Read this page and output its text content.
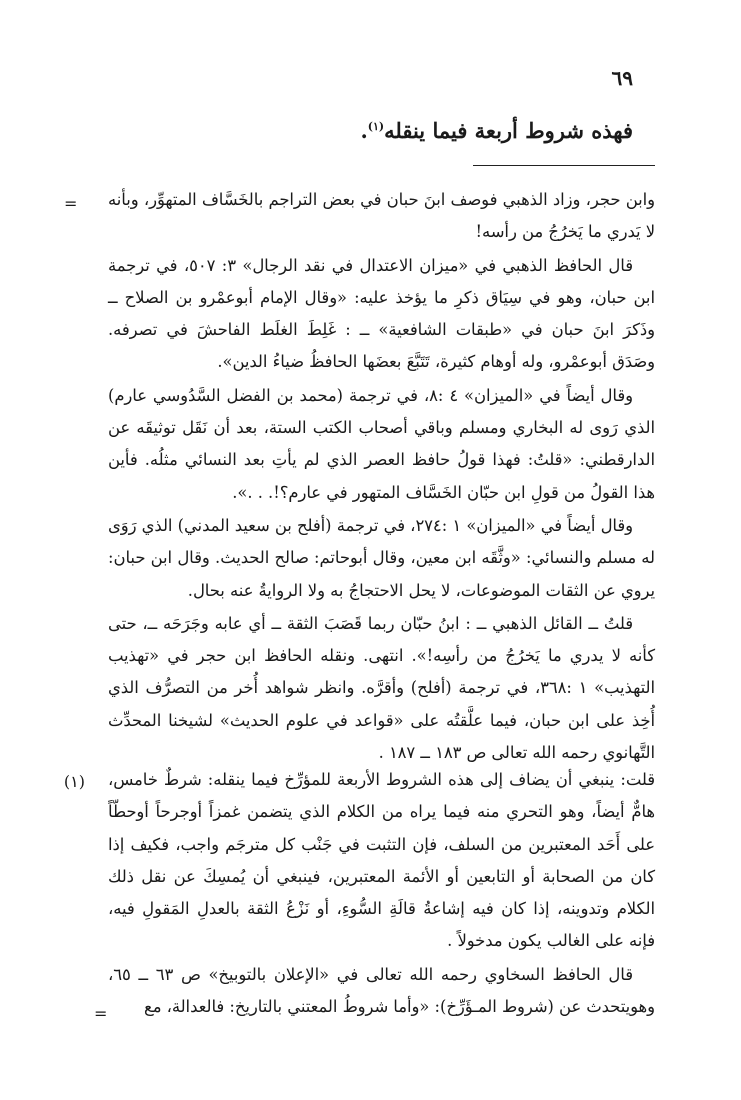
٦٩
فهذه شروط أربعة فيما ينقله$^{(١)}$.
= وابن حجر، وزاد الذهبي فوصف ابنَ حبان في بعض التراجم بالخَسَّاف المتهوِّر، وبأنه لا يَدري ما يَخرُجُ من رأسه!

قال الحافظ الذهبي في «ميزان الاعتدال في نقد الرجال» ٣: ٥٠٧، في ترجمة ابن حبان، وهو في سِيَاق ذكرِ ما يؤخذ عليه: «وقال الإمام أبوعمْرو بن الصلاح ــ وذَكرَ ابنَ حبان في «طبقات الشافعية» ــ : غَلِطَ الغلَط الفاحشَ في تصرفه. وصَدَق أبوعمْرو، وله أوهام كثيرة، تَتَبَّعَ بعضَها الحافظُ ضياءُ الدين».

وقال أيضاً في «الميزان» ٤ :٨، في ترجمة (محمد بن الفضل السَّدُوسي عارم) الذي رَوى له البخاري ومسلم وباقي أصحاب الكتب الستة، بعد أن نَقَل توثيقَه عن الدارقطني: «قلتُ: فهذا قولُ حافظ العصر الذي لم يأتِ بعد النسائي مثلُه. فأين هذا القولُ من قولِ ابن حبّان الخَسَّاف المتهور في عارم؟!. . .».

وقال أيضاً في «الميزان» ١ :٢٧٤، في ترجمة (أفلح بن سعيد المدني) الذي رَوَى له مسلم والنسائي: «وثَّقَه ابن معين، وقال أبوحاتم: صالح الحديث. وقال ابن حبان: يروي عن الثقات الموضوعات، لا يحل الاحتجاجُ به ولا الروايةُ عنه بحال.

قلتُ ــ القائل الذهبي ــ : ابنُ حبّان ربما قَصَبَ الثقة ــ أي عابه وجَرَحَه ــ، حتى كأنه لا يدري ما يَخرُجُ من رأسِه!». انتهى. ونقله الحافظ ابن حجر في «تهذيب التهذيب» ١ :٣٦٨، في ترجمة (أفلح) وأقرَّه. وانظر شواهد أُخر من التصرُّف الذي أُخِذ على ابن حبان، فيما علَّقتُه على «قواعد في علوم الحديث» لشيخنا المحدِّث التَّهانوي رحمه الله تعالى ص ١٨٣ ــ ١٨٧ .

(١) قلت: ينبغي أن يضاف إلى هذه الشروط الأربعة للمؤرِّخ فيما ينقله: شرطٌ خامس، هامٌّ أيضاً، وهو التحري منه فيما يراه من الكلام الذي يتضمن غمزاً أوجرحاً أوحطّاً على أَحَد المعتبرين من السلف، فإن التثبت في جَنْب كل مترجَم واجب، فكيف إذا كان من الصحابة أو التابعين أو الأئمة المعتبرين، فينبغي أن يُمسِكَ عن نقل ذلك الكلام وتدوينه، إذا كان فيه إشاعةُ قالَةِ السُّوءِ، أو نَزْعُ الثقة بالعدلِ المَقولِ فيه، فإنه على الغالب يكون مدخولاً .

قال الحافظ السخاوي رحمه الله تعالى في «الإعلان بالتوبيخ» ص ٦٣ ــ ٦٥، وهويتحدث عن (شروط المـؤَرِّخ): «وأما شروطُ المعتني بالتاريخ: فالعدالة، مع

=
